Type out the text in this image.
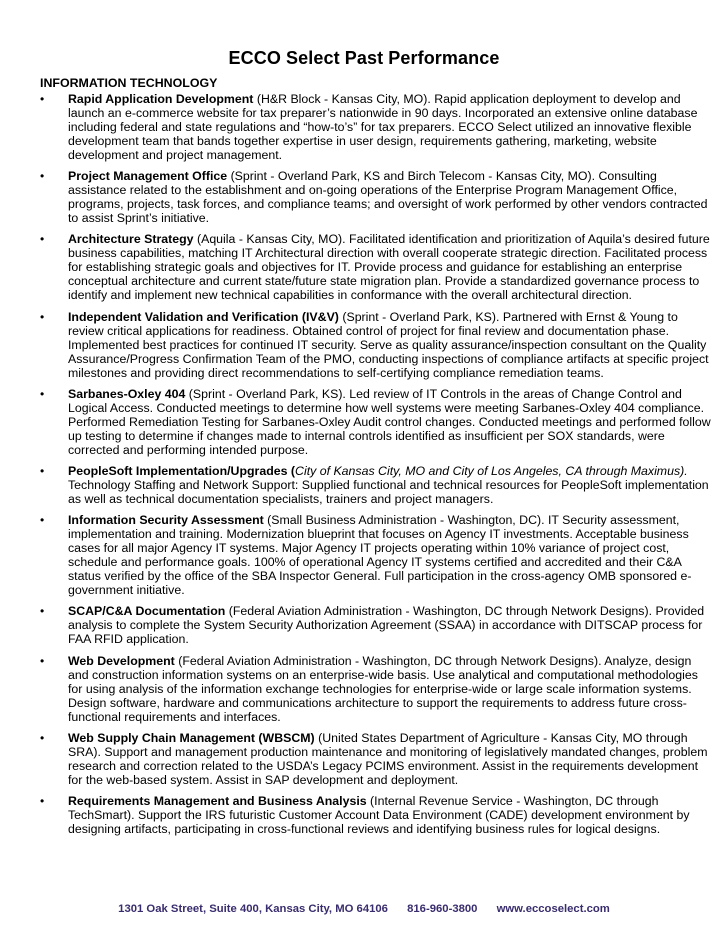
ECCO Select Past Performance
INFORMATION TECHNOLOGY
• Rapid Application Development (H&R Block - Kansas City, MO). Rapid application deployment to develop and launch an e-commerce website for tax preparer’s nationwide in 90 days. Incorporated an extensive online database including federal and state regulations and “how-to’s” for tax preparers. ECCO Select utilized an innovative flexible development team that bands together expertise in user design, requirements gathering, marketing, website development and project management.
• Project Management Office (Sprint - Overland Park, KS and Birch Telecom - Kansas City, MO). Consulting assistance related to the establishment and on-going operations of the Enterprise Program Management Office, programs, projects, task forces, and compliance teams; and oversight of work performed by other vendors contracted to assist Sprint’s initiative.
• Architecture Strategy (Aquila - Kansas City, MO). Facilitated identification and prioritization of Aquila’s desired future business capabilities, matching IT Architectural direction with overall cooperate strategic direction. Facilitated process for establishing strategic goals and objectives for IT. Provide process and guidance for establishing an enterprise conceptual architecture and current state/future state migration plan. Provide a standardized governance process to identify and implement new technical capabilities in conformance with the overall architectural direction.
• Independent Validation and Verification (IV&V) (Sprint - Overland Park, KS). Partnered with Ernst & Young to review critical applications for readiness. Obtained control of project for final review and documentation phase. Implemented best practices for continued IT security. Serve as quality assurance/inspection consultant on the Quality Assurance/Progress Confirmation Team of the PMO, conducting inspections of compliance artifacts at specific project milestones and providing direct recommendations to self-certifying compliance remediation teams.
• Sarbanes-Oxley 404 (Sprint - Overland Park, KS). Led review of IT Controls in the areas of Change Control and Logical Access. Conducted meetings to determine how well systems were meeting Sarbanes-Oxley 404 compliance. Performed Remediation Testing for Sarbanes-Oxley Audit control changes. Conducted meetings and performed follow up testing to determine if changes made to internal controls identified as insufficient per SOX standards, were corrected and performing intended purpose.
• PeopleSoft Implementation/Upgrades (City of Kansas City, MO and City of Los Angeles, CA through Maximus). Technology Staffing and Network Support: Supplied functional and technical resources for PeopleSoft implementation as well as technical documentation specialists, trainers and project managers.
• Information Security Assessment (Small Business Administration - Washington, DC). IT Security assessment, implementation and training. Modernization blueprint that focuses on Agency IT investments. Acceptable business cases for all major Agency IT systems. Major Agency IT projects operating within 10% variance of project cost, schedule and performance goals. 100% of operational Agency IT systems certified and accredited and their C&A status verified by the office of the SBA Inspector General. Full participation in the cross-agency OMB sponsored e-government initiative.
• SCAP/C&A Documentation (Federal Aviation Administration - Washington, DC through Network Designs). Provided analysis to complete the System Security Authorization Agreement (SSAA) in accordance with DITSCAP process for FAA RFID application.
• Web Development (Federal Aviation Administration - Washington, DC through Network Designs). Analyze, design and construction information systems on an enterprise-wide basis. Use analytical and computational methodologies for using analysis of the information exchange technologies for enterprise-wide or large scale information systems. Design software, hardware and communications architecture to support the requirements to address future cross-functional requirements and interfaces.
• Web Supply Chain Management (WBSCM) (United States Department of Agriculture - Kansas City, MO through SRA). Support and management production maintenance and monitoring of legislatively mandated changes, problem research and correction related to the USDA’s Legacy PCIMS environment. Assist in the requirements development for the web-based system. Assist in SAP development and deployment.
• Requirements Management and Business Analysis (Internal Revenue Service - Washington, DC through TechSmart). Support the IRS futuristic Customer Account Data Environment (CADE) development environment by designing artifacts, participating in cross-functional reviews and identifying business rules for logical designs.
1301 Oak Street, Suite 400, Kansas City, MO 64106 816-960-3800 www.eccoselect.com
